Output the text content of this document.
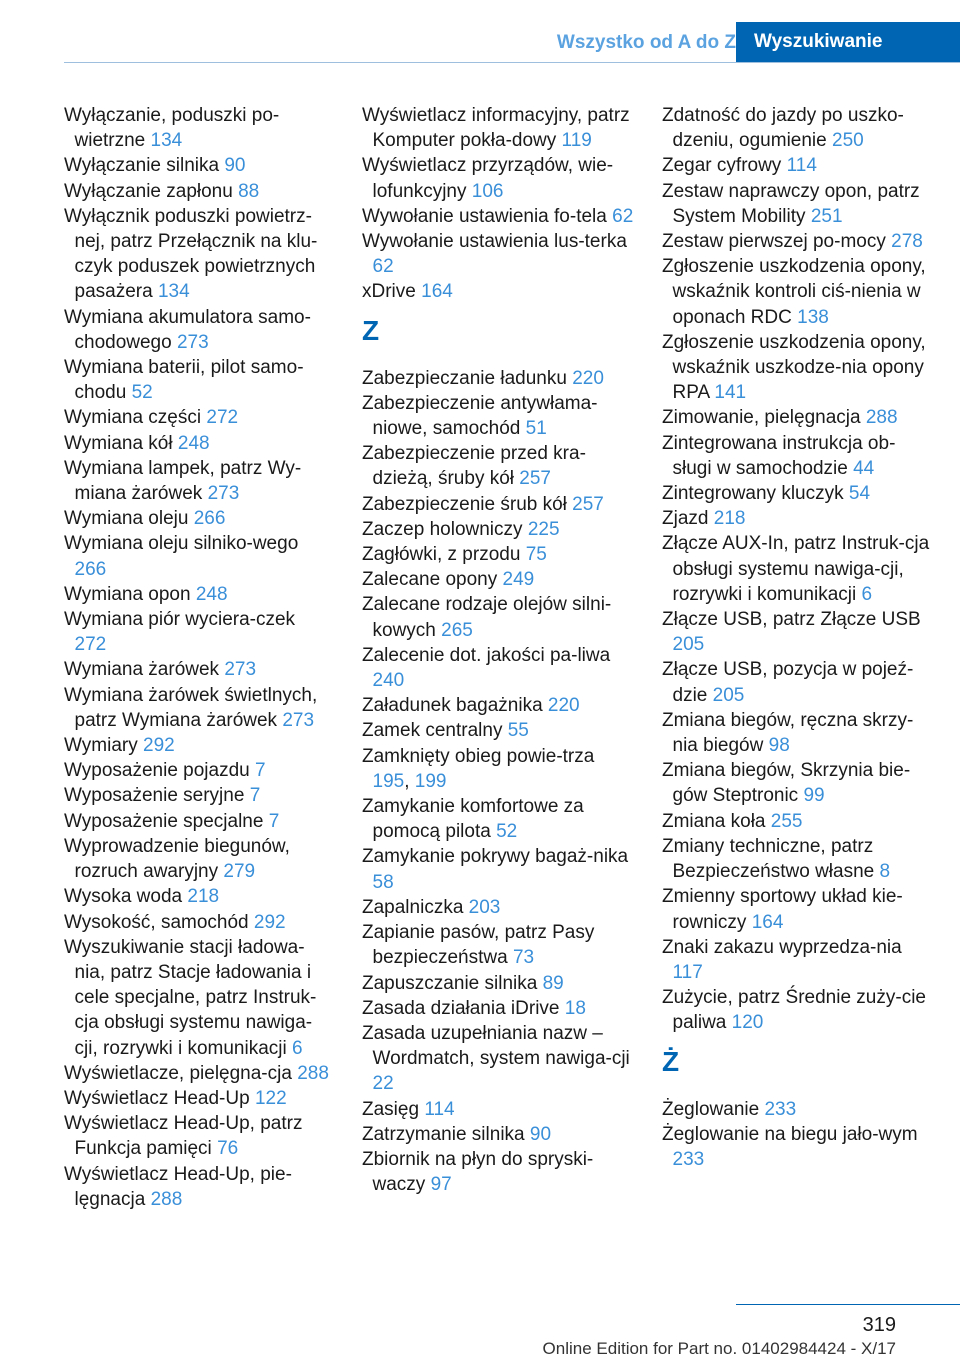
Wszystko od A do Z Wyszukiwanie

Wyłączanie, poduszki po-wietrzne 134

Wyłączanie silnika 90

Wyłączanie zapłonu 88

Wyłącznik poduszki powietrz-nej, patrz Przełącznik na klu-czyk poduszek powietrznych pasażera 134

Wymiana akumulatora samo-chodowego 273

Wymiana baterii, pilot samo-chodu 52

Wymiana części 272

Wymiana kół 248

Wymiana lampek, patrz Wy-miana żarówek 273

Wymiana oleju 266

Wymiana oleju silniko-wego 266

Wymiana opon 248

Wymiana piór wyciera-czek 272

Wymiana żarówek 273

Wymiana żarówek świetlnych, patrz Wymiana żarówek 273

Wymiary 292

Wyposażenie pojazdu 7

Wyposażenie seryjne 7

Wyposażenie specjalne 7

Wyprowadzenie biegunów, rozruch awaryjny 279

Wysoka woda 218

Wysokość, samochód 292

Wyszukiwanie stacji ładowa-nia, patrz Stacje ładowania i cele specjalne, patrz Instruk-cja obsługi systemu nawiga-cji, rozrywki i komunikacji 6

Wyświetlacze, pielęgna-cja 288

Wyświetlacz Head-Up 122

Wyświetlacz Head-Up, patrz Funkcja pamięci 76

Wyświetlacz Head-Up, pie-lęgnacja 288

Wyświetlacz informacyjny, patrz Komputer pokła-dowy 119

Wyświetlacz przyrządów, wie-lofunkcyjny 106

Wywołanie ustawienia fo-tela 62

Wywołanie ustawienia lus-terka 62

xDrive 164

Z

Zabezpieczanie ładunku 220

Zabezpieczenie antywłama-niowe, samochód 51

Zabezpieczenie przed kra-dzieżą, śruby kół 257

Zabezpieczenie śrub kół 257

Zaczep holowniczy 225

Zagłówki, z przodu 75

Zalecane opony 249

Zalecane rodzaje olejów silni-kowych 265

Zalecenie dot. jakości pa-liwa 240

Załadunek bagażnika 220

Zamek centralny 55

Zamknięty obieg powie-trza 195, 199

Zamykanie komfortowe za pomocą pilota 52

Zamykanie pokrywy bagaż-nika 58

Zapalniczka 203

Zapianie pasów, patrz Pasy bezpieczeństwa 73

Zapuszczanie silnika 89

Zasada działania iDrive 18

Zasada uzupełniania nazw – Wordmatch, system nawiga-cji 22

Zasięg 114

Zatrzymanie silnika 90

Zbiornik na płyn do spryski-waczy 97

Zdatność do jazdy po uszko-dzeniu, ogumienie 250

Zegar cyfrowy 114

Zestaw naprawczy opon, patrz System Mobility 251

Zestaw pierwszej po-mocy 278

Zgłoszenie uszkodzenia opony, wskaźnik kontroli ciś-nienia w oponach RDC 138

Zgłoszenie uszkodzenia opony, wskaźnik uszkodze-nia opony RPA 141

Zimowanie, pielęgnacja 288

Zintegrowana instrukcja ob-sługi w samochodzie 44

Zintegrowany kluczyk 54

Zjazd 218

Złącze AUX-In, patrz Instruk-cja obsługi systemu nawiga-cji, rozrywki i komunikacji 6

Złącze USB, patrz Złącze USB 205

Złącze USB, pozycja w pojeź-dzie 205

Zmiana biegów, ręczna skrzy-nia biegów 98

Zmiana biegów, Skrzynia bie-gów Steptronic 99

Zmiana koła 255

Zmiany techniczne, patrz Bezpieczeństwo własne 8

Zmienny sportowy układ kie-rowniczy 164

Znaki zakazu wyprzedza-nia 117

Zużycie, patrz Średnie zuży-cie paliwa 120

Ż

Żeglowanie 233

Żeglowanie na biegu jało-wym 233

319
Online Edition for Part no. 01402984424 - X/17
